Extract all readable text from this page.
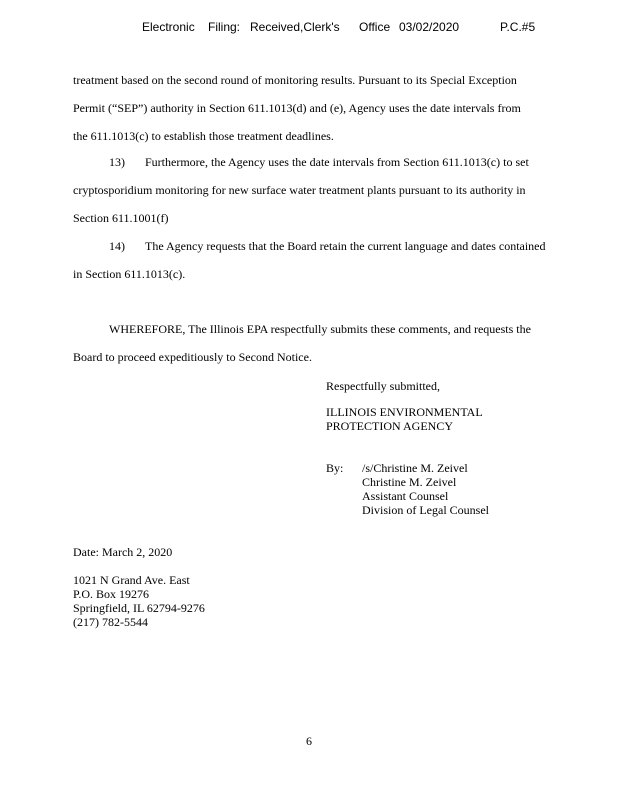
Electronic Filing: Received,Clerk's Office 03/02/2020	P.C.#5
treatment based on the second round of monitoring results. Pursuant to its Special Exception
Permit (“SEP”) authority in Section 611.1013(d) and (e), Agency uses the date intervals from
the 611.1013(c) to establish those treatment deadlines.
13) Furthermore, the Agency uses the date intervals from Section 611.1013(c) to set
cryptosporidium monitoring for new surface water treatment plants pursuant to its authority in
Section 611.1001(f)
14) The Agency requests that the Board retain the current language and dates contained
in Section 611.1013(c).
WHEREFORE, The Illinois EPA respectfully submits these comments, and requests the
Board to proceed expeditiously to Second Notice.
Respectfully submitted,
ILLINOIS ENVIRONMENTAL
PROTECTION AGENCY
By: /s/Christine M. Zeivel
Christine M. Zeivel
Assistant Counsel
Division of Legal Counsel
Date: March 2, 2020
1021 N Grand Ave. East
P.O. Box 19276
Springfield, IL 62794-9276
(217) 782-5544
6
